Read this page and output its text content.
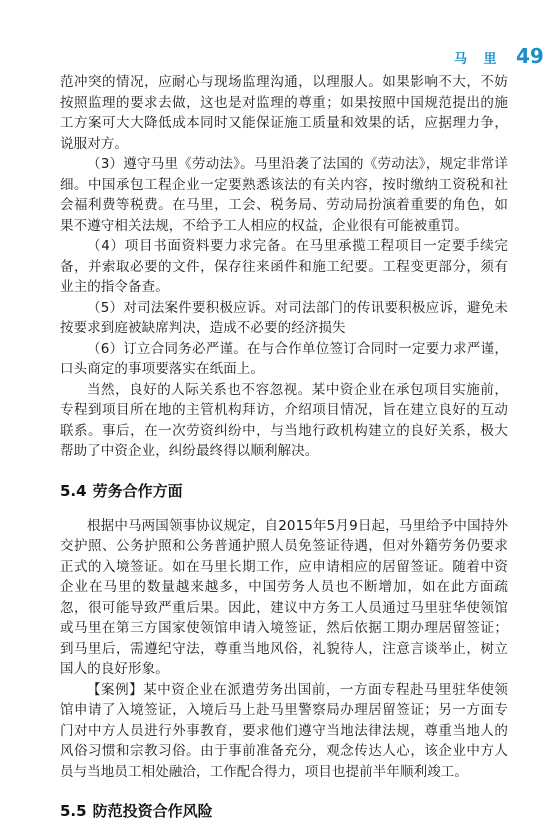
马 里 49

范冲突的情况，应耐心与现场监理沟通，以理服人。如果影响不大，不妨按照监理的要求去做，这也是对监理的尊重；如果按照中国规范提出的施工方案可大大降低成本同时又能保证施工质量和效果的话，应据理力争，说服对方。

（3）遵守马里《劳动法》。马里沿袭了法国的《劳动法》，规定非常详细。中国承包工程企业一定要熟悉该法的有关内容，按时缴纳工资税和社会福利费等税费。在马里，工会、税务局、劳动局扮演着重要的角色，如果不遵守相关法规，不给予工人相应的权益，企业很有可能被重罚。

（4）项目书面资料要力求完备。在马里承揽工程项目一定要手续完备，并索取必要的文件，保存往来函件和施工纪要。工程变更部分，须有业主的指令备查。

（5）对司法案件要积极应诉。对司法部门的传讯要积极应诉，避免未按要求到庭被缺席判决，造成不必要的经济损失

（6）订立合同务必严谨。在与合作单位签订合同时一定要力求严谨，口头商定的事项要落实在纸面上。

当然，良好的人际关系也不容忽视。某中资企业在承包项目实施前，专程到项目所在地的主管机构拜访，介绍项目情况，旨在建立良好的互动联系。事后，在一次劳资纠纷中，与当地行政机构建立的良好关系，极大帮助了中资企业，纠纷最终得以顺利解决。

5.4 劳务合作方面

根据中马两国领事协议规定，自2015年5月9日起，马里给予中国持外交护照、公务护照和公务普通护照人员免签证待遇，但对外籍劳务仍要求正式的入境签证。如在马里长期工作，应申请相应的居留签证。随着中资企业在马里的数量越来越多，中国劳务人员也不断增加，如在此方面疏忽，很可能导致严重后果。因此，建议中方务工人员通过马里驻华使领馆或马里在第三方国家使领馆申请入境签证，然后依据工期办理居留签证；到马里后，需遵纪守法，尊重当地风俗，礼貌待人，注意言谈举止，树立国人的良好形象。

【案例】某中资企业在派遣劳务出国前，一方面专程赴马里驻华使领馆申请了入境签证，入境后马上赴马里警察局办理居留签证；另一方面专门对中方人员进行外事教育，要求他们遵守当地法律法规，尊重当地人的风俗习惯和宗教习俗。由于事前准备充分，观念传达人心，该企业中方人员与当地员工相处融洽，工作配合得力，项目也提前半年顺利竣工。

5.5 防范投资合作风险
